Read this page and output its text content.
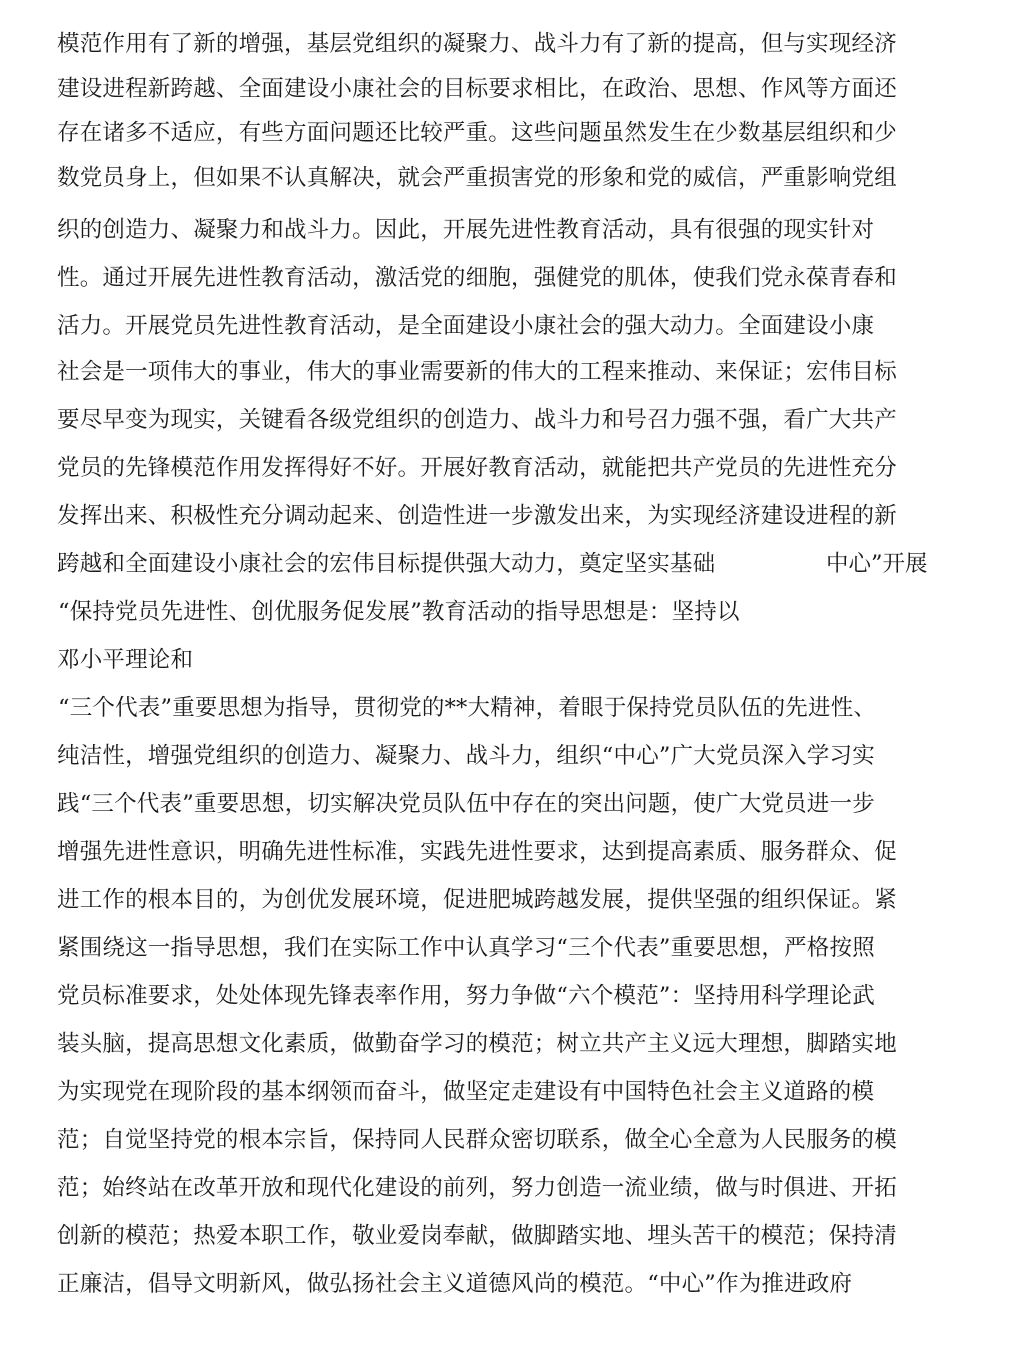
模范作用有了新的增强，基层党组织的凝聚力、战斗力有了新的提高，但与实现经济
建设进程新跨越、全面建设小康社会的目标要求相比，在政治、思想、作风等方面还
存在诸多不适应，有些方面问题还比较严重。这些问题虽然发生在少数基层组织和少
数党员身上，但如果不认真解决，就会严重损害党的形象和党的威信，严重影响党组
织的创造力、凝聚力和战斗力。因此，开展先进性教育活动，具有很强的现实针对
性。通过开展先进性教育活动，激活党的细胞，强健党的肌体，使我们党永葆青春和
活力。开展党员先进性教育活动，是全面建设小康社会的强大动力。全面建设小康
社会是一项伟大的事业，伟大的事业需要新的伟大的工程来推动、来保证；宏伟目标
要尽早变为现实，关键看各级党组织的创造力、战斗力和号召力强不强，看广大共产
党员的先锋模范作用发挥得好不好。开展好教育活动，就能把共产党员的先进性充分
发挥出来、积极性充分调动起来、创造性进一步激发出来，为实现经济建设进程的新
跨越和全面建设小康社会的宏伟目标提供强大动力，奠定坚实基础	中心”开展
“保持党员先进性、创优服务促发展”教育活动的指导思想是：坚持以
邓小平理论和
“三个代表”重要思想为指导，贯彻党的**大精神，着眼于保持党员队伍的先进性、
纯洁性，增强党组织的创造力、凝聚力、战斗力，组织“中心”广大党员深入学习实
践“三个代表”重要思想，切实解决党员队伍中存在的突出问题，使广大党员进一步
增强先进性意识，明确先进性标准，实践先进性要求，达到提高素质、服务群众、促
进工作的根本目的，为创优发展环境，促进肥城跨越发展，提供坚强的组织保证。紧
紧围绕这一指导思想，我们在实际工作中认真学习“三个代表”重要思想，严格按照
党员标准要求，处处体现先锋表率作用，努力争做“六个模范”：坚持用科学理论武
装头脑，提高思想文化素质，做勤奋学习的模范；树立共产主义远大理想，脚踏实地
为实现党在现阶段的基本纲领而奋斗，做坚定走建设有中国特色社会主义道路的模
范；自觉坚持党的根本宗旨，保持同人民群众密切联系，做全心全意为人民服务的模
范；始终站在改革开放和现代化建设的前列，努力创造一流业绩，做与时俱进、开拓
创新的模范；热爱本职工作，敬业爱岗奉献，做脚踏实地、埋头苦干的模范；保持清
正廉洁，倡导文明新风，做弘扬社会主义道德风尚的模范。“中心”作为推进政府
